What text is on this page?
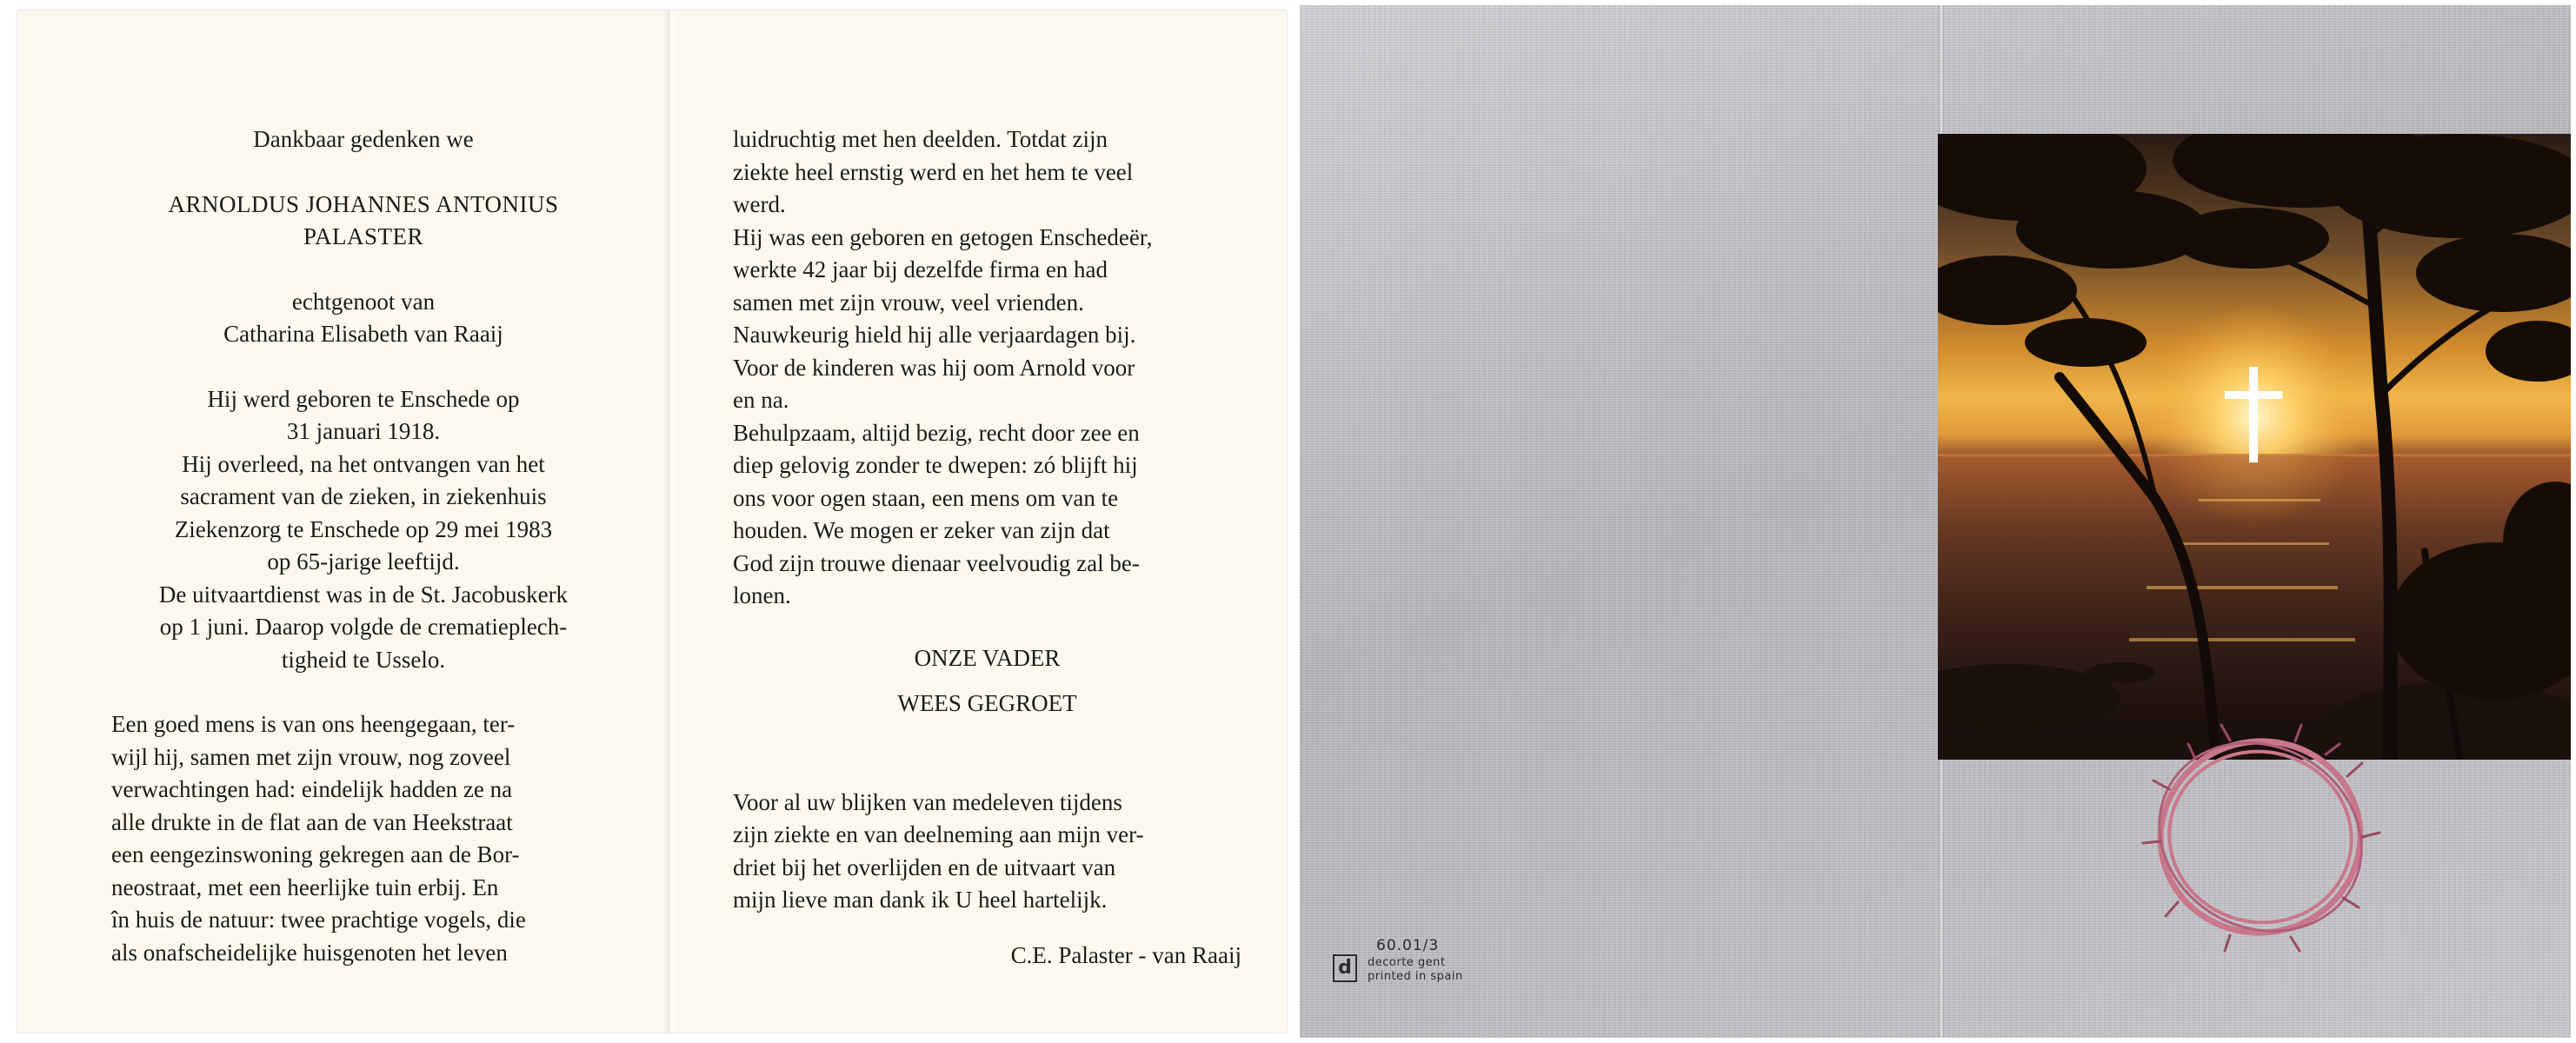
Dankbaar gedenken we

ARNOLDUS JOHANNES ANTONIUS

PALASTER

echtgenoot van

Catharina Elisabeth van Raaij

Hij werd geboren te Enschede op

31 januari 1918.

Hij overleed, na het ontvangen van het

sacrament van de zieken, in ziekenhuis

Ziekenzorg te Enschede op 29 mei 1983

op 65-jarige leeftijd.

De uitvaartdienst was in de St. Jacobuskerk

op 1 juni. Daarop volgde de crematieplech-

tigheid te Usselo.

Een goed mens is van ons heengegaan, ter-

wijl hij, samen met zijn vrouw, nog zoveel

verwachtingen had: eindelijk hadden ze na

alle drukte in de flat aan de van Heekstraat

een eengezinswoning gekregen aan de Bor-

neostraat, met een heerlijke tuin erbij. En

în huis de natuur: twee prachtige vogels, die

als onafscheidelijke huisgenoten het leven

luidruchtig met hen deelden. Totdat zijn

ziekte heel ernstig werd en het hem te veel

werd.

Hij was een geboren en getogen Enschedeër,

werkte 42 jaar bij dezelfde firma en had

samen met zijn vrouw, veel vrienden.

Nauwkeurig hield hij alle verjaardagen bij.

Voor de kinderen was hij oom Arnold voor

en na.

Behulpzaam, altijd bezig, recht door zee en

diep gelovig zonder te dwepen: zó blijft hij

ons voor ogen staan, een mens om van te

houden. We mogen er zeker van zijn dat

God zijn trouwe dienaar veelvoudig zal be-

lonen.

ONZE VADER

WEES GEGROET

Voor al uw blijken van medeleven tijdens

zijn ziekte en van deelneming aan mijn ver-

driet bij het overlijden en de uitvaart van

mijn lieve man dank ik U heel hartelijk.

C.E. Palaster - van Raaij	d
60.01/3
decorte gent
printed in spain
